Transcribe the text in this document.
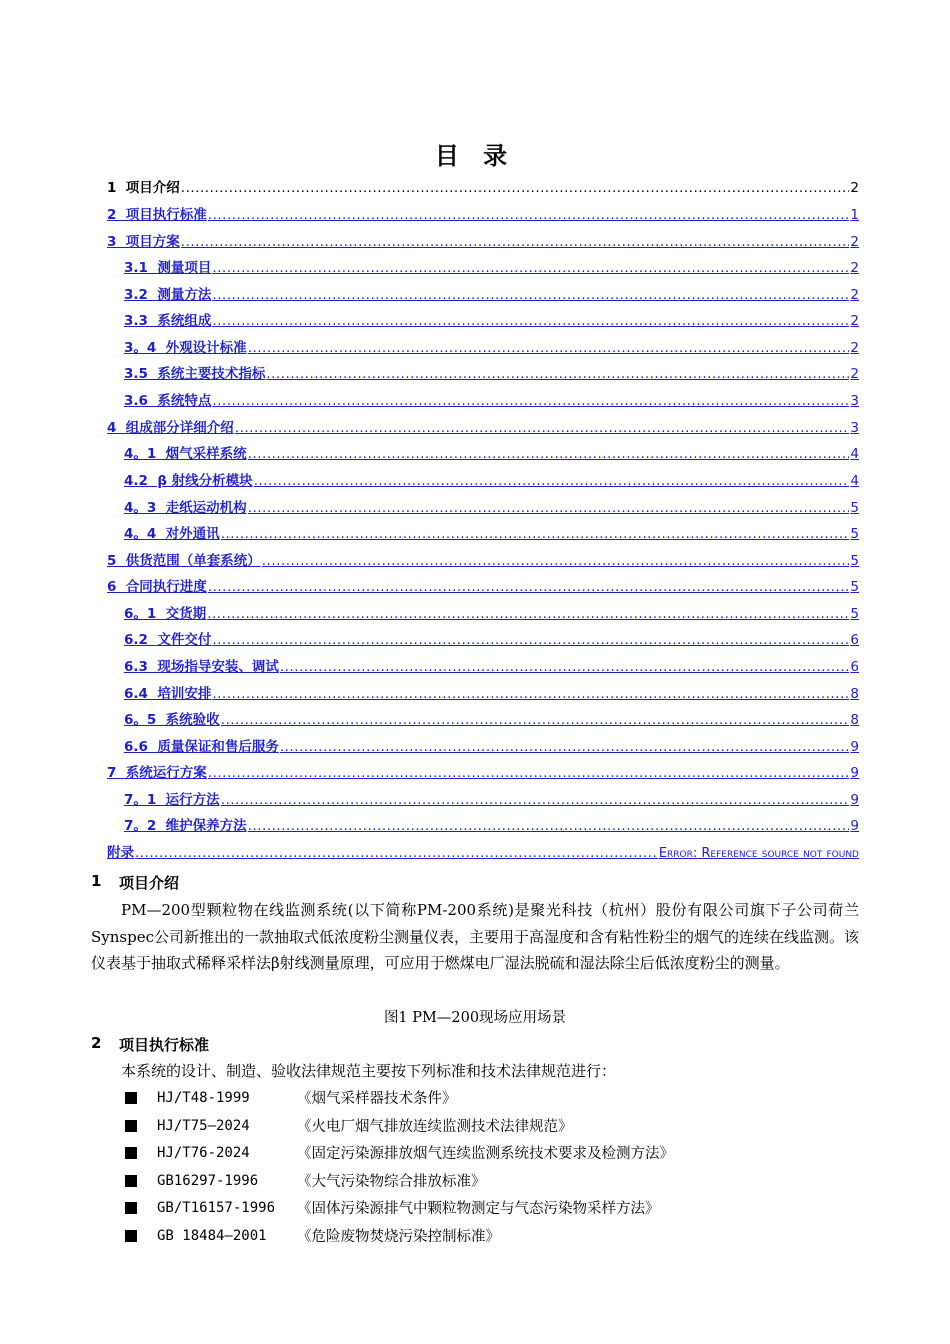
目 录
1  项目介绍 .....	2
2  项目执行标准 .....	1
3  项目方案 .....	2
3.1  测量项目 .....	2
3.2  测量方法 .....	2
3.3  系统组成 .....	2
3。4  外观设计标准 .....	2
3.5  系统主要技术指标 .....	2
3.6  系统特点 .....	3
4  组成部分详细介绍 .....	3
4。1  烟气采样系统 .....	4
4.2  β 射线分析模块 .....	4
4。3  走纸运动机构 .....	5
4。4  对外通讯 .....	5
5  供货范围（单套系统） .....	5
6  合同执行进度 .....	5
6。1  交货期 .....	5
6.2  文件交付 .....	6
6.3  现场指导安装、调试 .....	6
6.4  培训安排 .....	8
6。5  系统验收 .....	8
6.6  质量保证和售后服务 .....	9
7  系统运行方案 .....	9
7。1  运行方法 .....	9
7。2  维护保养方法 .....	9
附录 .....	Error: Reference source not found
1	项目介绍
PM—200型颗粒物在线监测系统(以下简称PM-200系统)是聚光科技（杭州）股份有限公司旗下子公司荷兰Synspec公司新推出的一款抽取式低浓度粉尘测量仪表，主要用于高湿度和含有粘性粉尘的烟气的连续在线监测。该仪表基于抽取式稀释采样法β射线测量原理，可应用于燃煤电厂湿法脱硫和湿法除尘后低浓度粉尘的测量。
图1 PM—200现场应用场景
2	项目执行标准
本系统的设计、制造、验收法律规范主要按下列标准和技术法律规范进行：
HJ/T48-1999	《烟气采样器技术条件》
HJ/T75—2024	《火电厂烟气排放连续监测技术法律规范》
HJ/T76-2024	《固定污染源排放烟气连续监测系统技术要求及检测方法》
GB16297-1996	《大气污染物综合排放标准》
GB/T16157-1996	《固体污染源排气中颗粒物测定与气态污染物采样方法》
GB 18484—2001	《危险废物焚烧污染控制标准》
